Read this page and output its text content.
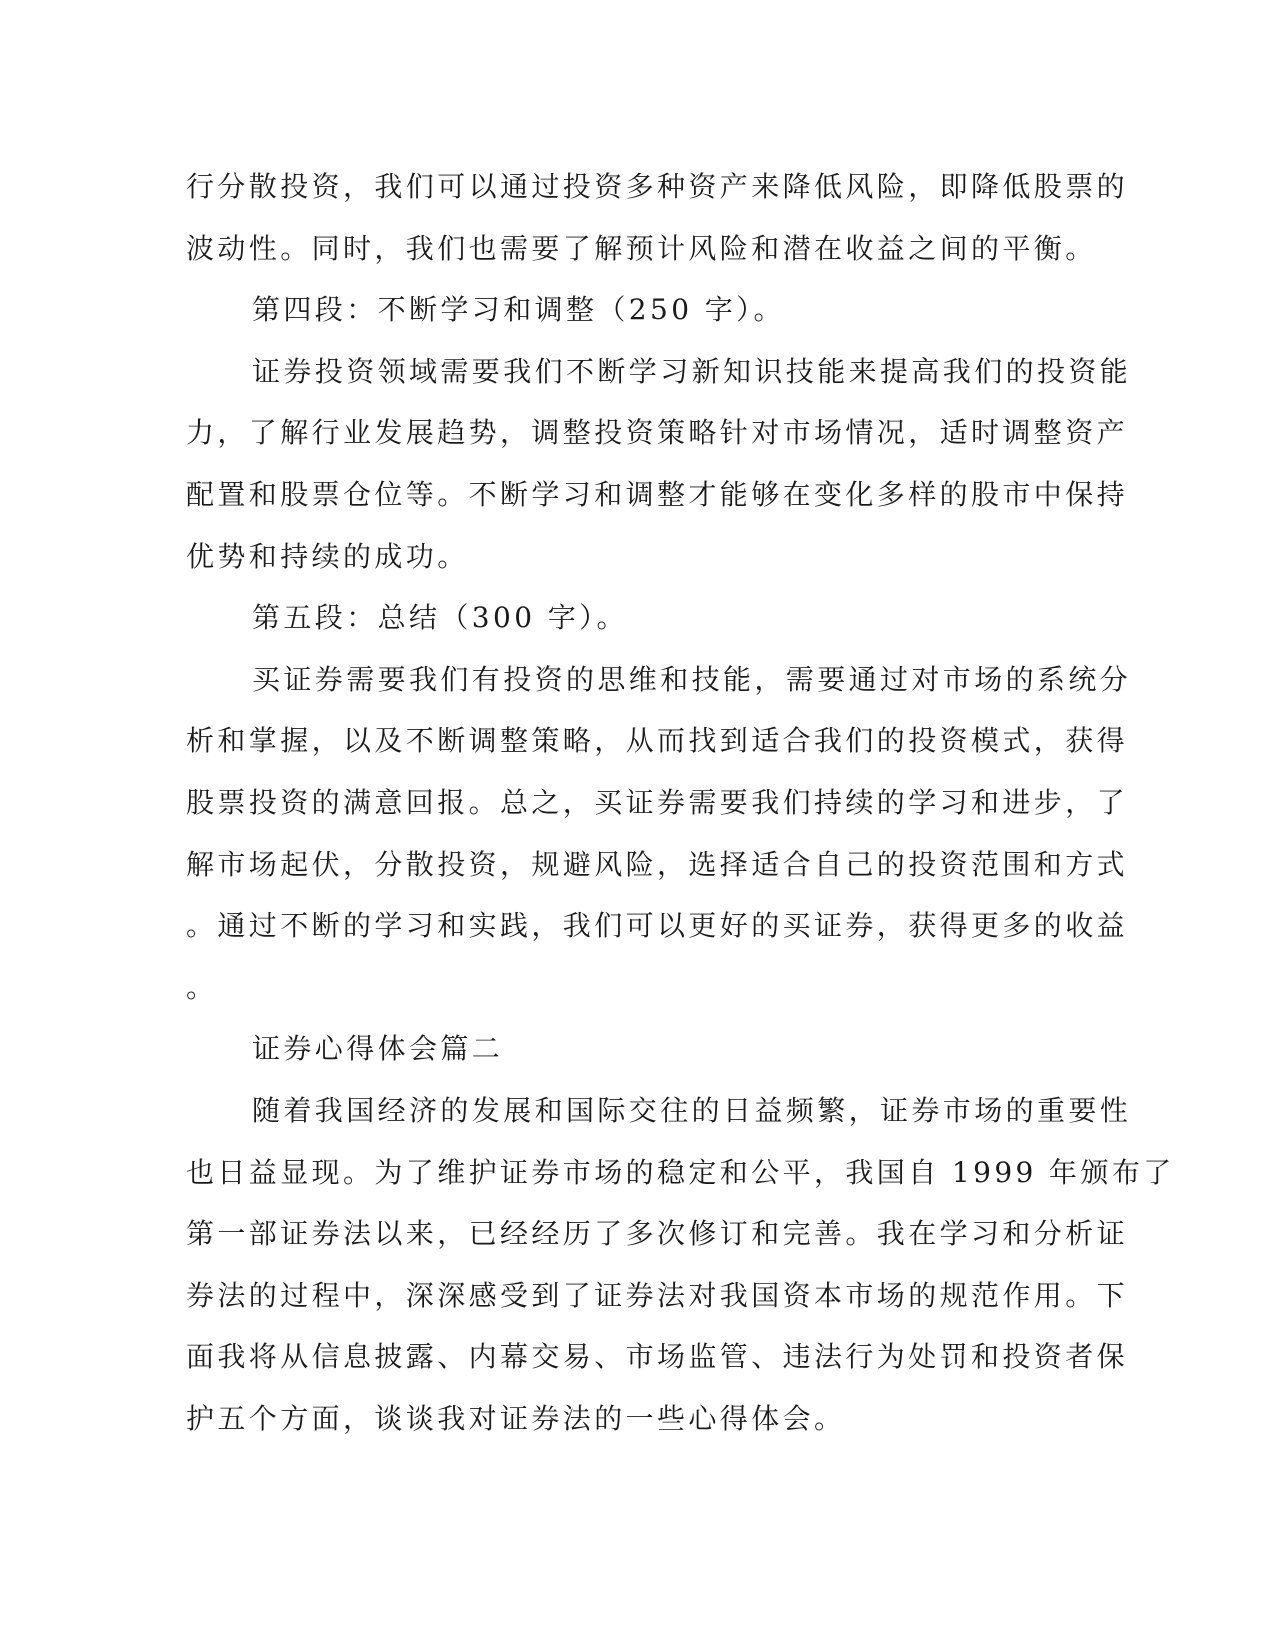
行分散投资，我们可以通过投资多种资产来降低风险，即降低股票的
波动性。同时，我们也需要了解预计风险和潜在收益之间的平衡。
第四段：不断学习和调整（250 字）。
证券投资领域需要我们不断学习新知识技能来提高我们的投资能
力，了解行业发展趋势，调整投资策略针对市场情况，适时调整资产
配置和股票仓位等。不断学习和调整才能够在变化多样的股市中保持
优势和持续的成功。
第五段：总结（300 字）。
买证券需要我们有投资的思维和技能，需要通过对市场的系统分
析和掌握，以及不断调整策略，从而找到适合我们的投资模式，获得
股票投资的满意回报。总之，买证券需要我们持续的学习和进步，了
解市场起伏，分散投资，规避风险，选择适合自己的投资范围和方式
。通过不断的学习和实践，我们可以更好的买证券，获得更多的收益
。
证券心得体会篇二
随着我国经济的发展和国际交往的日益频繁，证券市场的重要性
也日益显现。为了维护证券市场的稳定和公平，我国自 1999 年颁布了
第一部证券法以来，已经经历了多次修订和完善。我在学习和分析证
券法的过程中，深深感受到了证券法对我国资本市场的规范作用。下
面我将从信息披露、内幕交易、市场监管、违法行为处罚和投资者保
护五个方面，谈谈我对证券法的一些心得体会。
